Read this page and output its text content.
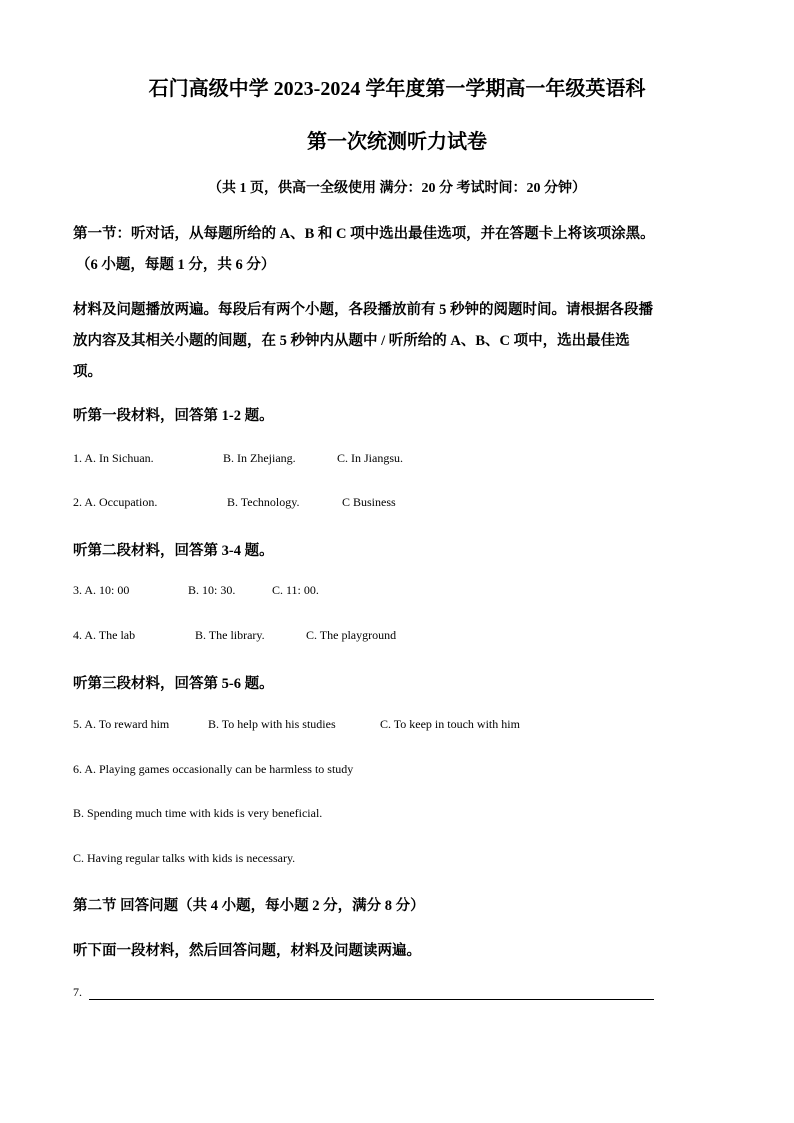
石门高级中学 2023-2024 学年度第一学期高一年级英语科
第一次统测听力试卷
（共 1 页，供高一全级使用 满分：20 分 考试时间：20 分钟）
第一节：听对话，从每题所给的 A、B 和 C 项中选出最佳选项，并在答题卡上将该项涂黑。
（6 小题，每题 1 分，共 6 分）
材料及问题播放两遍。每段后有两个小题，各段播放前有 5 秒钟的阅题时间。请根据各段播
放内容及其相关小题的间题，在 5 秒钟内从题中 / 听所给的 A、B、C 项中，选出最佳选
项。
听第一段材料，回答第 1-2 题。
1. A. In Sichuan.	B. In Zhejiang.	C. In Jiangsu.
2. A. Occupation.	B. Technology.	C Business
听第二段材料，回答第 3-4 题。
3. A. 10: 00	B. 10: 30.	C. 11: 00.
4. A. The lab	B. The library.	C. The playground
听第三段材料，回答第 5-6 题。
5. A. To reward him	B. To help with his studies	C. To keep in touch with him
6. A. Playing games occasionally can be harmless to study
B. Spending much time with kids is very beneficial.
C. Having regular talks with kids is necessary.
第二节 回答问题（共 4 小题，每小题 2 分，满分 8 分）
听下面一段材料，然后回答问题，材料及问题读两遍。
7.
